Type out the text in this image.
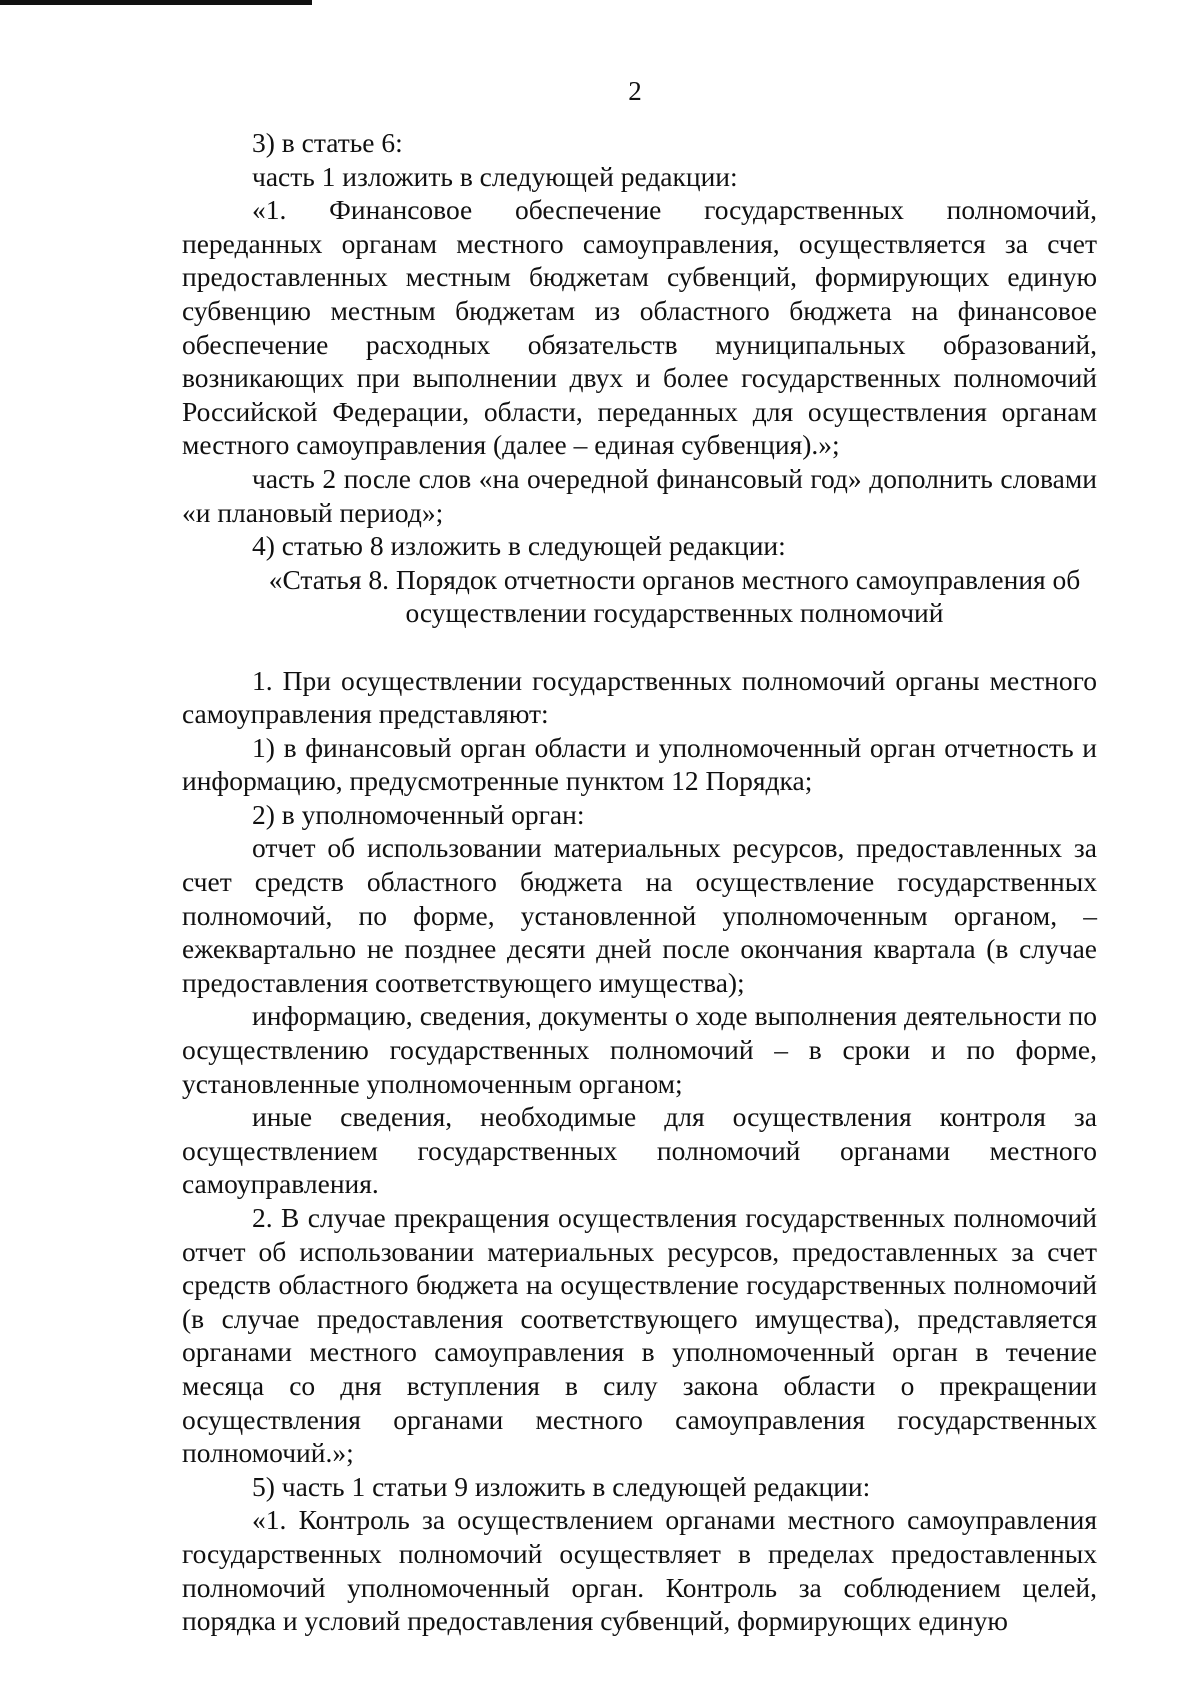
2

3) в статье 6:

часть 1 изложить в следующей редакции:

«1. Финансовое обеспечение государственных полномочий, переданных органам местного самоуправления, осуществляется за счет предоставленных местным бюджетам субвенций, формирующих единую субвенцию местным бюджетам из областного бюджета на финансовое обеспечение расходных обязательств муниципальных образований, возникающих при выполнении двух и более государственных полномочий Российской Федерации, области, переданных для осуществления органам местного самоуправления (далее – единая субвенция).»;

часть 2 после слов «на очередной финансовый год» дополнить словами «и плановый период»;

4) статью 8 изложить в следующей редакции:

«Статья 8. Порядок отчетности органов местного самоуправления об осуществлении государственных полномочий

1. При осуществлении государственных полномочий органы местного самоуправления представляют:

1) в финансовый орган области и уполномоченный орган отчетность и информацию, предусмотренные пунктом 12 Порядка;

2) в уполномоченный орган:

отчет об использовании материальных ресурсов, предоставленных за счет средств областного бюджета на осуществление государственных полномочий, по форме, установленной уполномоченным органом, – ежеквартально не позднее десяти дней после окончания квартала (в случае предоставления соответствующего имущества);

информацию, сведения, документы о ходе выполнения деятельности по осуществлению государственных полномочий – в сроки и по форме, установленные уполномоченным органом;

иные сведения, необходимые для осуществления контроля за осуществлением государственных полномочий органами местного самоуправления.

2. В случае прекращения осуществления государственных полномочий отчет об использовании материальных ресурсов, предоставленных за счет средств областного бюджета на осуществление государственных полномочий (в случае предоставления соответствующего имущества), представляется органами местного самоуправления в уполномоченный орган в течение месяца со дня вступления в силу закона области о прекращении осуществления органами местного самоуправления государственных полномочий.»;

5) часть 1 статьи 9 изложить в следующей редакции:

«1. Контроль за осуществлением органами местного самоуправления государственных полномочий осуществляет в пределах предоставленных полномочий уполномоченный орган. Контроль за соблюдением целей, порядка и условий предоставления субвенций, формирующих единую
